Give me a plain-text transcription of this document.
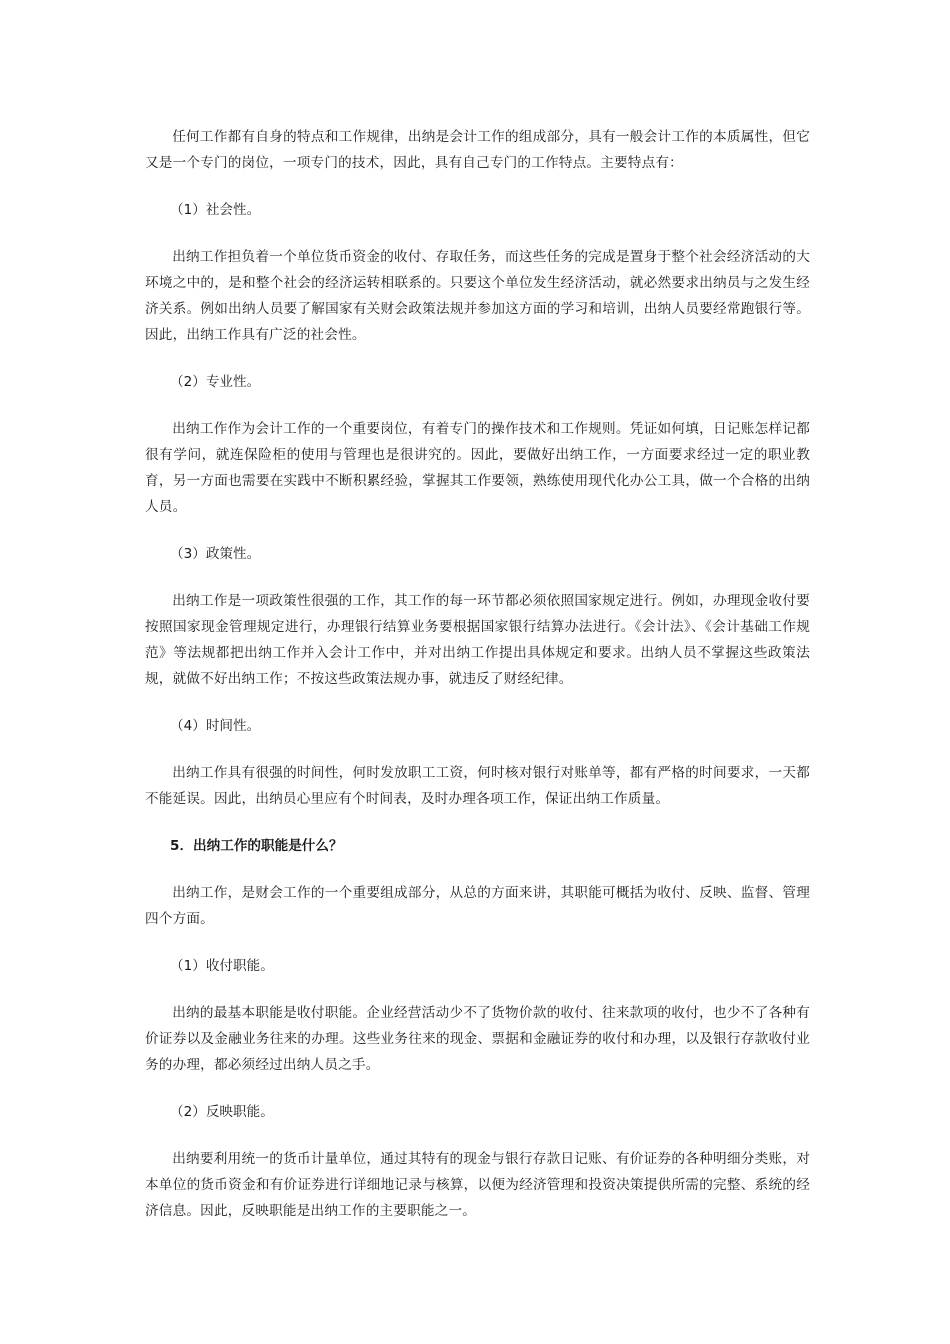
任何工作都有自身的特点和工作规律，出纳是会计工作的组成部分，具有一般会计工作的本质属性，但它又是一个专门的岗位，一项专门的技术，因此，具有自己专门的工作特点。主要特点有：

（1）社会性。

出纳工作担负着一个单位货币资金的收付、存取任务，而这些任务的完成是置身于整个社会经济活动的大环境之中的，是和整个社会的经济运转相联系的。只要这个单位发生经济活动，就必然要求出纳员与之发生经济关系。例如出纳人员要了解国家有关财会政策法规并参加这方面的学习和培训，出纳人员要经常跑银行等。因此，出纳工作具有广泛的社会性。

（2）专业性。

出纳工作作为会计工作的一个重要岗位，有着专门的操作技术和工作规则。凭证如何填，日记账怎样记都很有学问，就连保险柜的使用与管理也是很讲究的。因此，要做好出纳工作，一方面要求经过一定的职业教育，另一方面也需要在实践中不断积累经验，掌握其工作要领，熟练使用现代化办公工具，做一个合格的出纳人员。

（3）政策性。

出纳工作是一项政策性很强的工作，其工作的每一环节都必须依照国家规定进行。例如，办理现金收付要按照国家现金管理规定进行，办理银行结算业务要根据国家银行结算办法进行。《会计法》、《会计基础工作规范》等法规都把出纳工作并入会计工作中，并对出纳工作提出具体规定和要求。出纳人员不掌握这些政策法规，就做不好出纳工作；不按这些政策法规办事，就违反了财经纪律。

（4）时间性。

出纳工作具有很强的时间性，何时发放职工工资，何时核对银行对账单等，都有严格的时间要求，一天都不能延误。因此，出纳员心里应有个时间表，及时办理各项工作，保证出纳工作质量。

5．出纳工作的职能是什么？

出纳工作，是财会工作的一个重要组成部分，从总的方面来讲，其职能可概括为收付、反映、监督、管理四个方面。

（1）收付职能。

出纳的最基本职能是收付职能。企业经营活动少不了货物价款的收付、往来款项的收付，也少不了各种有价证券以及金融业务往来的办理。这些业务往来的现金、票据和金融证券的收付和办理，以及银行存款收付业务的办理，都必须经过出纳人员之手。

（2）反映职能。

出纳要利用统一的货币计量单位，通过其特有的现金与银行存款日记账、有价证券的各种明细分类账，对本单位的货币资金和有价证券进行详细地记录与核算，以便为经济管理和投资决策提供所需的完整、系统的经济信息。因此，反映职能是出纳工作的主要职能之一。
